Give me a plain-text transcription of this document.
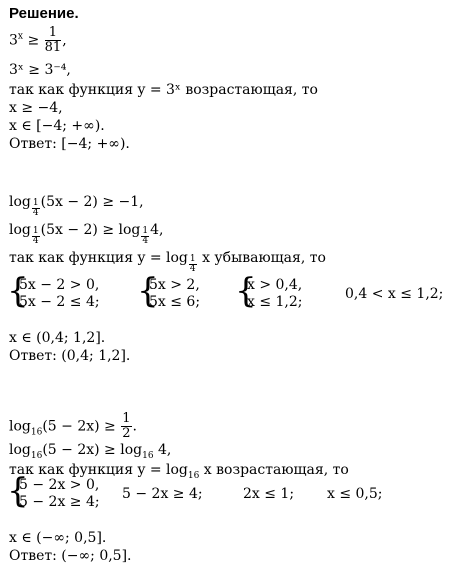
Решение.
$3^x \ge \frac{1}{81}$ ,
3ˣ ≥ 3⁻⁴,
так как функция y = 3ˣ возрастающая, то
x ≥ −4,
x ∈ [−4; +∞).
Ответ: [−4; +∞).
$\log \frac{1}{4} (5x - 2) \ge -1$,
$\log \frac{1}{4} (5x - 2) \ge \log \frac{1}{4} 4$,
так как функция $y = \log \frac{1}{4}$ x убывающая, то
{
5x − 2 > 0,
5x − 2 ≤ 4; {
5x > 2,
5x ≤ 6; {
x > 0,4,
x ≤ 1,2;	0,4 < x ≤ 1,2;
x ∈ (0,4; 1,2].
Ответ: (0,4; 1,2].
$\log_{16}(5 - 2x) \ge \frac{1}{2}$ .
$\log_{16}(5 - 2x) \ge \log_{16} 4$,
так как функция $y = \log_{16} x$ возрастающая, то
{
5 − 2x > 0,
5 − 2x ≥ 4; 5 − 2x ≥ 4;	2x ≤ 1; x ≤ 0,5;
x ∈ (−∞; 0,5].
Ответ: (−∞; 0,5].
